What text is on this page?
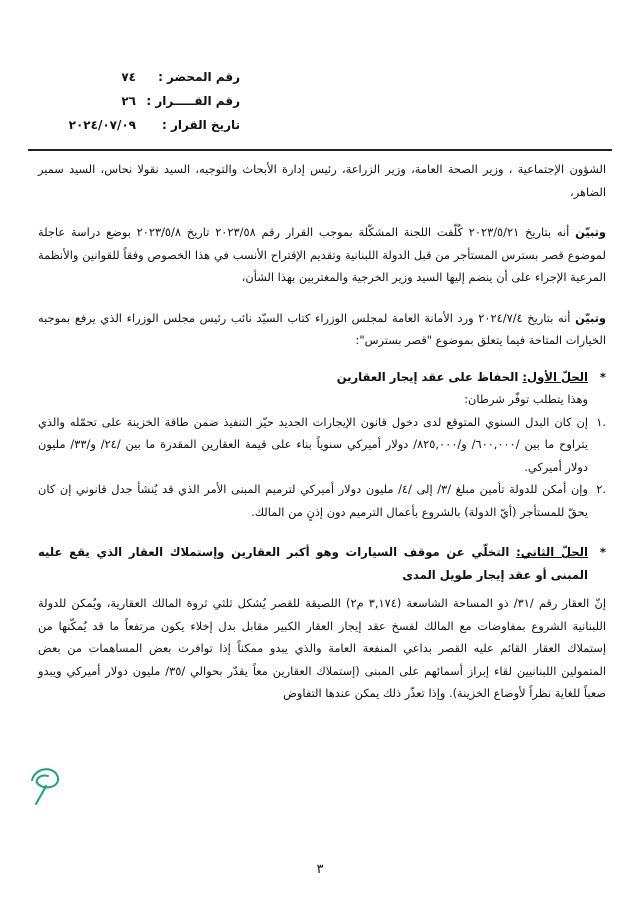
رقم المحضر :
٧٤
رقم القـــــرار :
٢٦
تاريخ القرار :
٢٠٢٤/٠٧/٠٩

الشؤون الإجتماعية ، وزير الصحة العامة، وزير الزراعة، رئيس إدارة الأبحاث والتوجيه، السيد نقولا نحاس، السيد سمير الضاهر،

وتبيّن أنه بتاريخ ٢٠٢٣/٥/٢١ كُلّفت اللجنة المشكّلة بموجب القرار رقم ٢٠٢٣/٥٨ تاريخ ٢٠٢٣/٥/٨ بوضع دراسة عاجلة لموضوع قصر بسترس المستأجر من قبل الدولة اللبنانية وتقديم الإقتراح الأنسب في هذا الخصوص وفقاً للقوانين والأنظمة المرعية الإجراء على أن ينضم إليها السيد وزير الخرجية والمغتربين بهذا الشأن،

وتبيّن أنه بتاريخ ٢٠٢٤/٧/٤ ورد الأمانة العامة لمجلس الوزراء كتاب السيّد نائب رئيس مجلس الوزراء الذي يرفع بموجبه الخيارات المتاحة فيما يتعلق بموضوع "قصر بسترس":

*
الحلّ الأول: الحفاظ على عقد إيجار العقارين

وهذا يتطلب توفّر شرطان:

.١
إن كان البدل السنوي المتوقع لدى دخول قانون الإيجارات الجديد حيّز التنفيذ ضمن طاقة الخزينة على تحمّله والذي يتراوح ما بين /٦٠٠,٠٠٠/ و/٨٢٥,٠٠٠/ دولار أميركي سنوياً بناء على قيمة العقارين المقدرة ما بين /٢٤/ و/٣٣/ مليون دولار أميركي.
.٢
وإن أمكن للدولة تأمين مبلغ /٣/ إلى /٤/ مليون دولار أميركي لترميم المبنى الأمر الذي قد يُنشأ جدل قانوني إن كان يحقّ للمستأجر (أيّ الدولة) بالشروع بأعمال الترميم دون إذنٍ من المالك.

*
الحلّ الثاني: التخلّي عن موقف السيارات وهو أكبر العقارين وإستملاك العقار الذي يقع عليه المبنى أو عقد إيجار طويل المدى

إنّ العقار رقم /٣١/ ذو المساحة الشاسعة (٣,١٧٤ م٢) اللصيقة للقصر يُشكل ثلثي ثروة المالك العقارية، ويُمكن للدولة اللبنانية الشروع بمفاوضات مع المالك لفسخ عقد إيجار العقار الكبير مقابل بدل إخلاء يكون مرتفعاً ما قد يُمكّنها من إستملاك العقار القائم عليه القصر بداعي المنفعة العامة والذي يبدو ممكناً إذا توافرت بعض المساهمات من بعض المتمولين اللبنانيين لقاء إبراز أسمائهم على المبنى (إستملاك العقارين معاً يقدّر بحوالي /٣٥/ مليون دولار أميركي ويبدو صعباً للغاية نظراً لأوضاع الخزينة). وإذا تعذّر ذلك يمكن عندها التفاوض

٣
